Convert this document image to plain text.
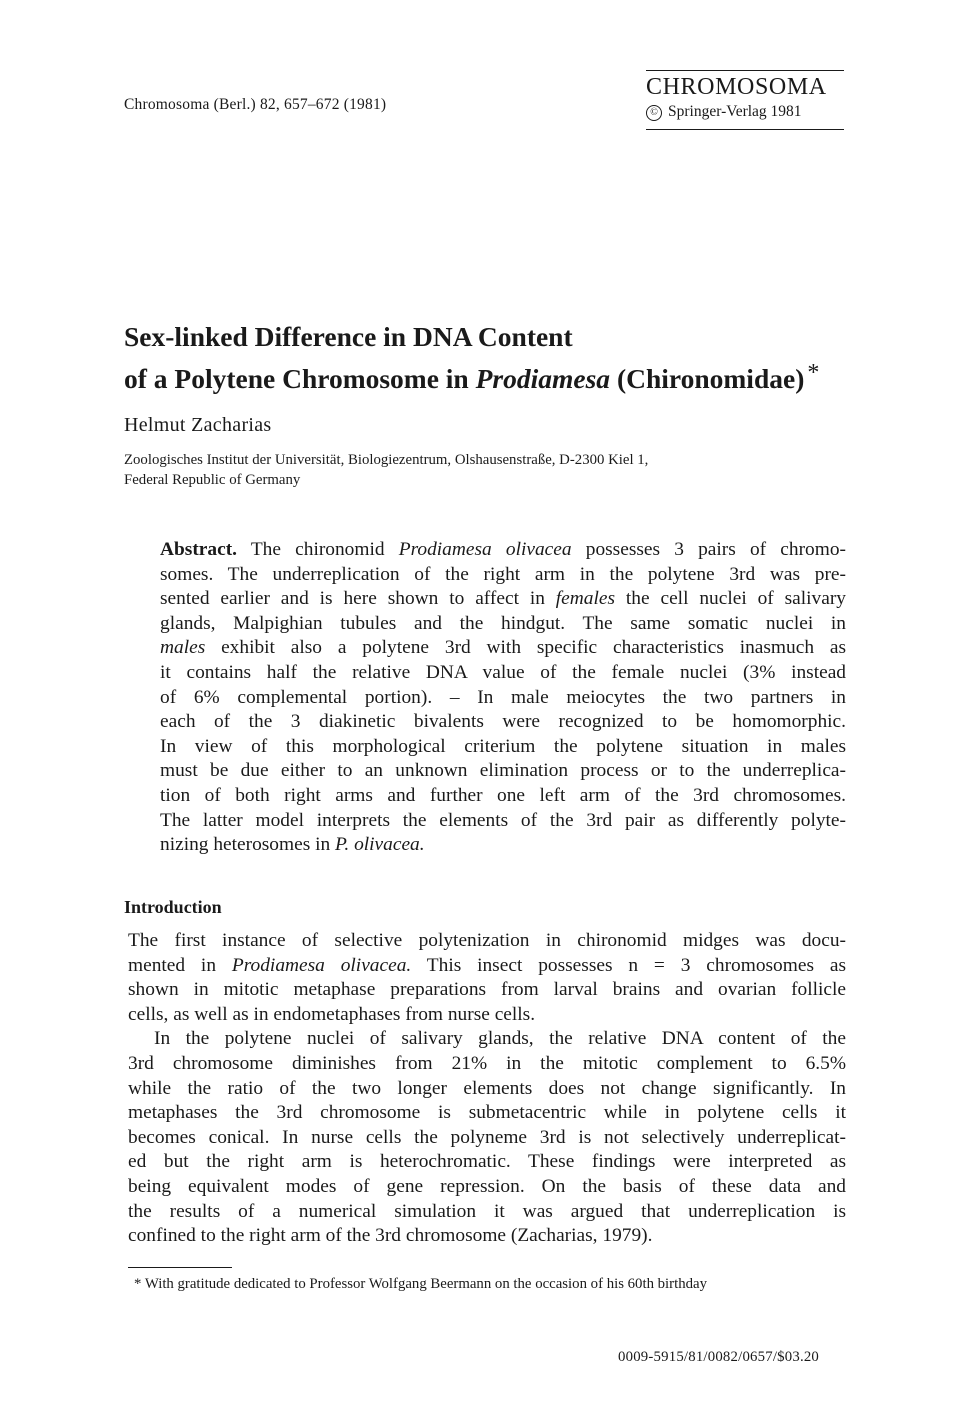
Chromosoma (Berl.) 82, 657–672 (1981)
CHROMOSOMA
© Springer-Verlag 1981
Sex-linked Difference in DNA Content
of a Polytene Chromosome in Prodiamesa (Chironomidae) *
Helmut Zacharias
Zoologisches Institut der Universität, Biologiezentrum, Olshausenstraße, D-2300 Kiel 1,
Federal Republic of Germany
Abstract. The chironomid Prodiamesa olivacea possesses 3 pairs of chromo-
somes. The underreplication of the right arm in the polytene 3rd was pre-
sented earlier and is here shown to affect in females the cell nuclei of salivary
glands, Malpighian tubules and the hindgut. The same somatic nuclei in
males exhibit also a polytene 3rd with specific characteristics inasmuch as
it contains half the relative DNA value of the female nuclei (3% instead
of 6% complemental portion). – In male meiocytes the two partners in
each of the 3 diakinetic bivalents were recognized to be homomorphic.
In view of this morphological criterium the polytene situation in males
must be due either to an unknown elimination process or to the underreplica-
tion of both right arms and further one left arm of the 3rd chromosomes.
The latter model interprets the elements of the 3rd pair as differently polyte-
nizing heterosomes in P. olivacea.
Introduction
The first instance of selective polytenization in chironomid midges was docu-
mented in Prodiamesa olivacea. This insect possesses n = 3 chromosomes as
shown in mitotic metaphase preparations from larval brains and ovarian follicle
cells, as well as in endometaphases from nurse cells.
In the polytene nuclei of salivary glands, the relative DNA content of the
3rd chromosome diminishes from 21% in the mitotic complement to 6.5%
while the ratio of the two longer elements does not change significantly. In
metaphases the 3rd chromosome is submetacentric while in polytene cells it
becomes conical. In nurse cells the polyneme 3rd is not selectively underreplicat-
ed but the right arm is heterochromatic. These findings were interpreted as
being equivalent modes of gene repression. On the basis of these data and
the results of a numerical simulation it was argued that underreplication is
confined to the right arm of the 3rd chromosome (Zacharias, 1979).
* With gratitude dedicated to Professor Wolfgang Beermann on the occasion of his 60th birthday
0009-5915/81/0082/0657/$03.20
